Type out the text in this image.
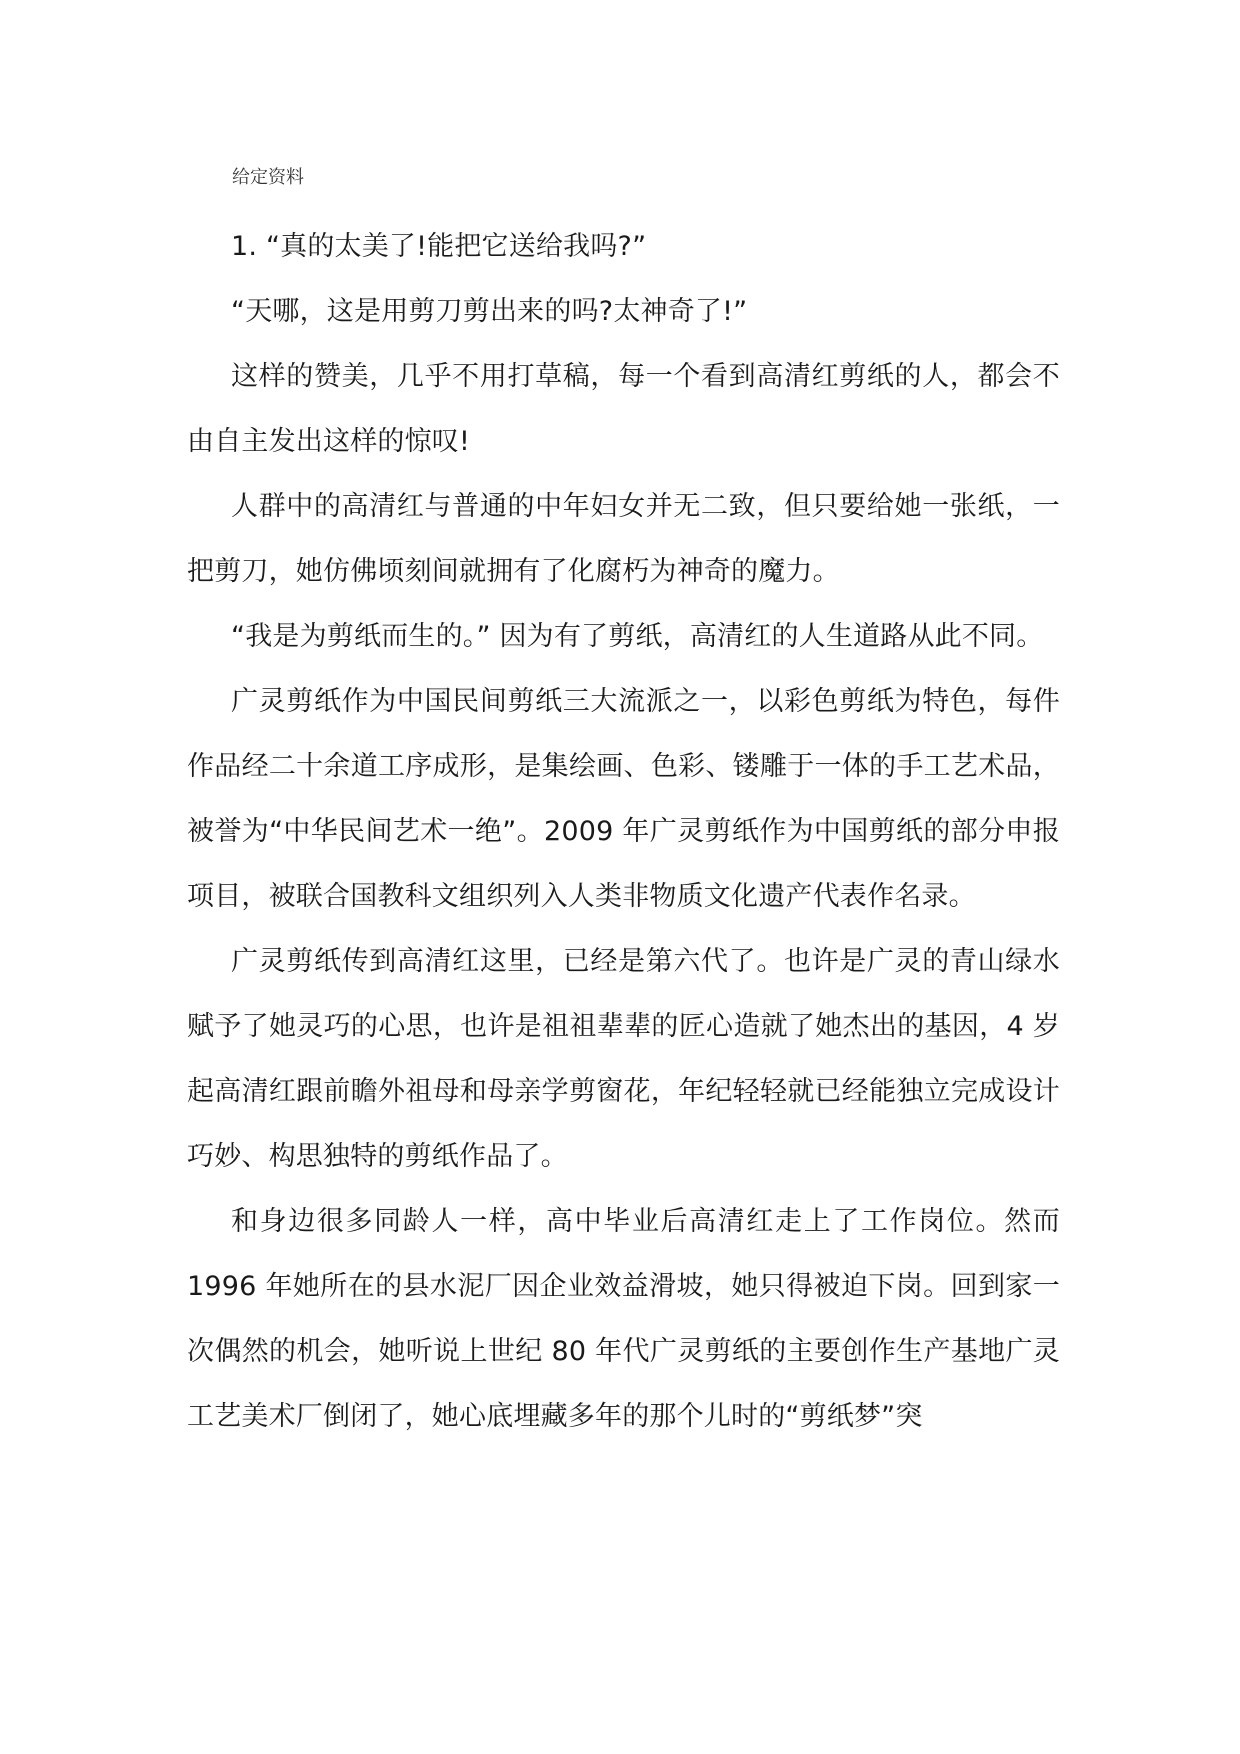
给定资料

1. “真的太美了!能把它送给我吗?”

“天哪，这是用剪刀剪出来的吗?太神奇了!”

这样的赞美，几乎不用打草稿，每一个看到高清红剪纸的人，都会不由自主发出这样的惊叹!

人群中的高清红与普通的中年妇女并无二致，但只要给她一张纸，一把剪刀，她仿佛顷刻间就拥有了化腐朽为神奇的魔力。

“我是为剪纸而生的。” 因为有了剪纸，高清红的人生道路从此不同。

广灵剪纸作为中国民间剪纸三大流派之一，以彩色剪纸为特色，每件作品经二十余道工序成形，是集绘画、色彩、镂雕于一体的手工艺术品，被誉为“中华民间艺术一绝”。2009 年广灵剪纸作为中国剪纸的部分申报项目，被联合国教科文组织列入人类非物质文化遗产代表作名录。

广灵剪纸传到高清红这里，已经是第六代了。也许是广灵的青山绿水赋予了她灵巧的心思，也许是祖祖辈辈的匠心造就了她杰出的基因，4 岁起高清红跟前瞻外祖母和母亲学剪窗花，年纪轻轻就已经能独立完成设计巧妙、构思独特的剪纸作品了。

和身边很多同龄人一样，高中毕业后高清红走上了工作岗位。然而 1996 年她所在的县水泥厂因企业效益滑坡，她只得被迫下岗。回到家一次偶然的机会，她听说上世纪 80 年代广灵剪纸的主要创作生产基地广灵工艺美术厂倒闭了，她心底埋藏多年的那个儿时的“剪纸梦”突
